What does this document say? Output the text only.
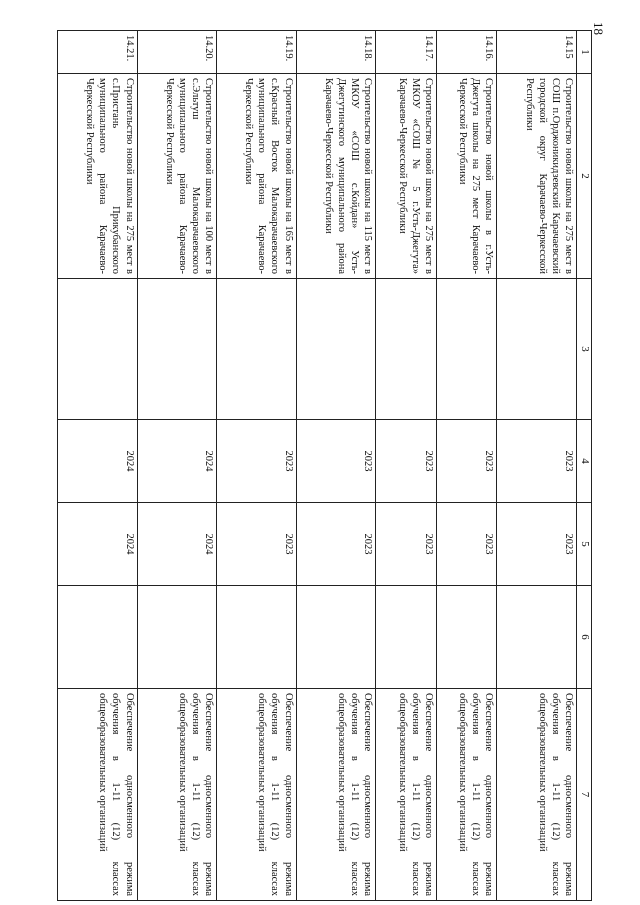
18
1	2	3	4	5	6	7
14.15	Строительство новой школы на 275 мест в СОШ п.Орджоникидзевский Карачаевский городской округ Карачаево-Черкесской Республики		2023	2023		Обеспечение односменного режима обучения в 1-11 (12) классах общеобразовательных организаций
14.16.	Строительство новой школы в г.Усть-Джегута школы на 275 мест Карачаево-Черкесской Республики		2023	2023		Обеспечение односменного режима обучения в 1-11 (12) классах общеобразовательных организаций
14.17.	Строительство новой школы на 275 мест в МКОУ «СОШ № 5 г.Усть-Джегута» Карачаево-Черкесской Республики		2023	2023		Обеспечение односменного режима обучения в 1-11 (12) классах общеобразовательных организаций
14.18.	Строительство новой школы на 115 мест в МКОУ «СОШ с.Койдан» Усть-Джегутинского муниципального района Карачаево-Черкесской Республики		2023	2023		Обеспечение односменного режима обучения в 1-11 (12) классах общеобразовательных организаций
14.19.	Строительство новой школы на 165 мест в с.Красный Восток Малокарачаевского муниципального района Карачаево-Черкесской Республики		2023	2023		Обеспечение односменного режима обучения в 1-11 (12) классах общеобразовательных организаций
14.20.	Строительство новой школы на 100 мест в с.Эльтуш Малокарачаевского муниципального района Карачаево-Черкесской Республики		2024	2024		Обеспечение односменного режима обучения в 1-11 (12) классах общеобразовательных организаций
14.21.	Строительство новой школы на 275 мест в с.Пристань Прикубанского муниципального района Карачаево-Черкесской Республики		2024	2024		Обеспечение односменного режима обучения в 1-11 (12) классах общеобразовательных организаций
